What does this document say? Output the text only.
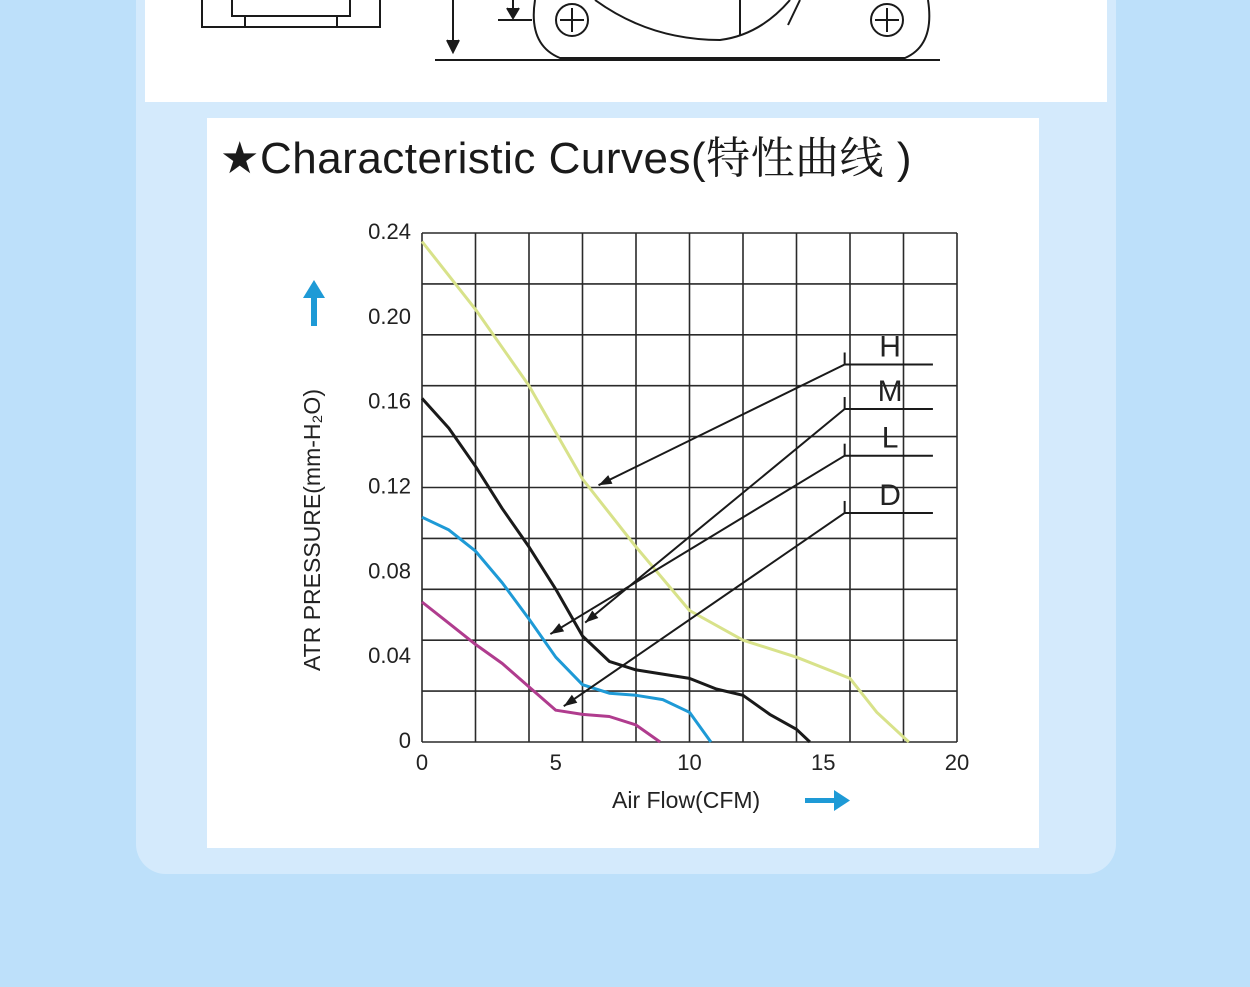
★Characteristic Curves(特性曲线 )
H
M
L
D
0	5	10	15	20
0
0.04
0.08
0.12
0.16
0.20
0.24
Air Flow(CFM)
ATR PRESSURE(mm-H₂O)
